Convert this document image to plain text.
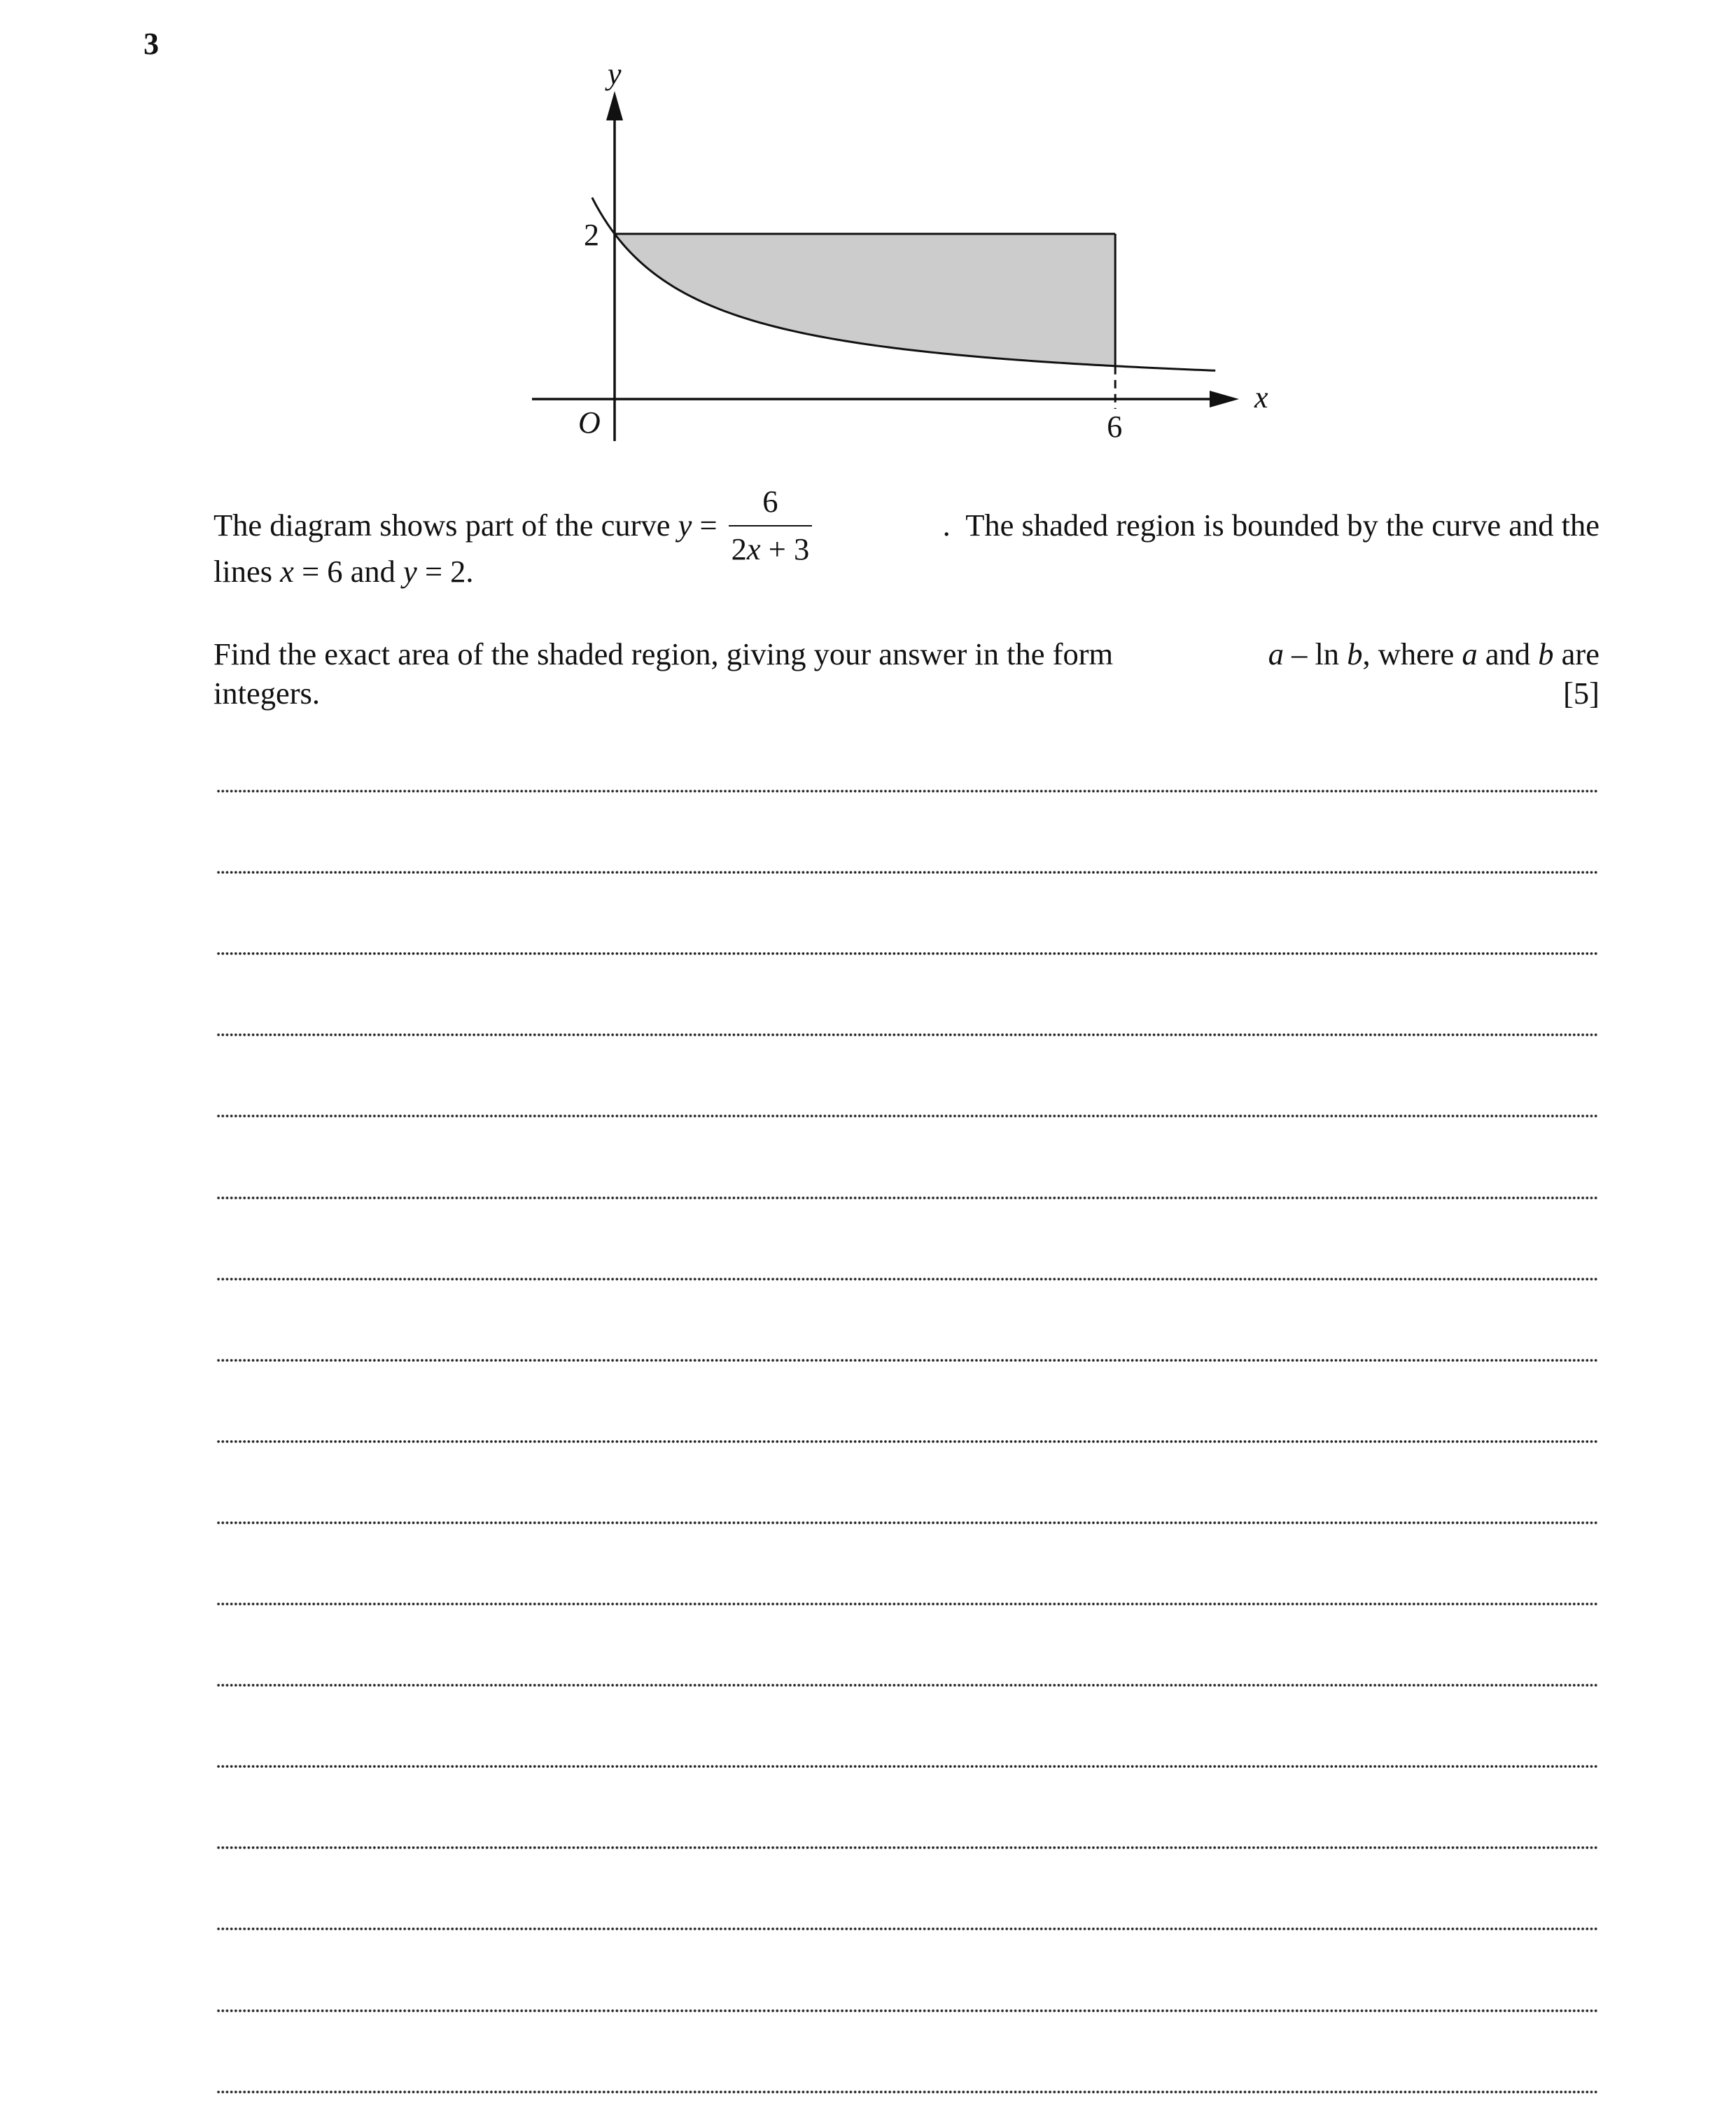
3
y
x
O
2
6
The diagram shows part of the curve $y = \frac{6}{2x + 3}$	.  The shaded region is bounded by the curve and the
lines x = 6 and y = 2.
Find the exact area of the shaded region, giving your answer in the form	a – ln b, where a and b are
integers.	[5]
